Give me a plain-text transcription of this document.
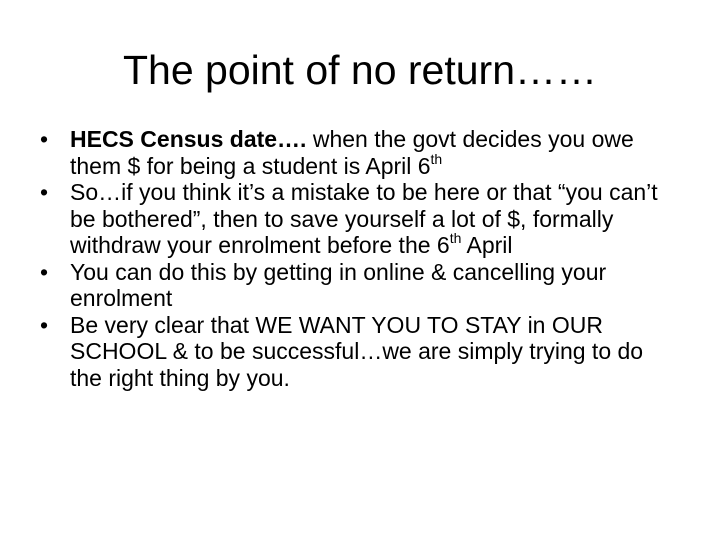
The point of no return……
• HECS Census date…. when the govt decides you owe them $ for being a student is April 6th
• So…if you think it’s a mistake to be here or that “you can’t be bothered”, then to save yourself a lot of $, formally withdraw your enrolment before the 6th April
• You can do this by getting in online & cancelling your enrolment
• Be very clear that WE WANT YOU TO STAY in OUR SCHOOL & to be successful…we are simply trying to do the right thing by you.
